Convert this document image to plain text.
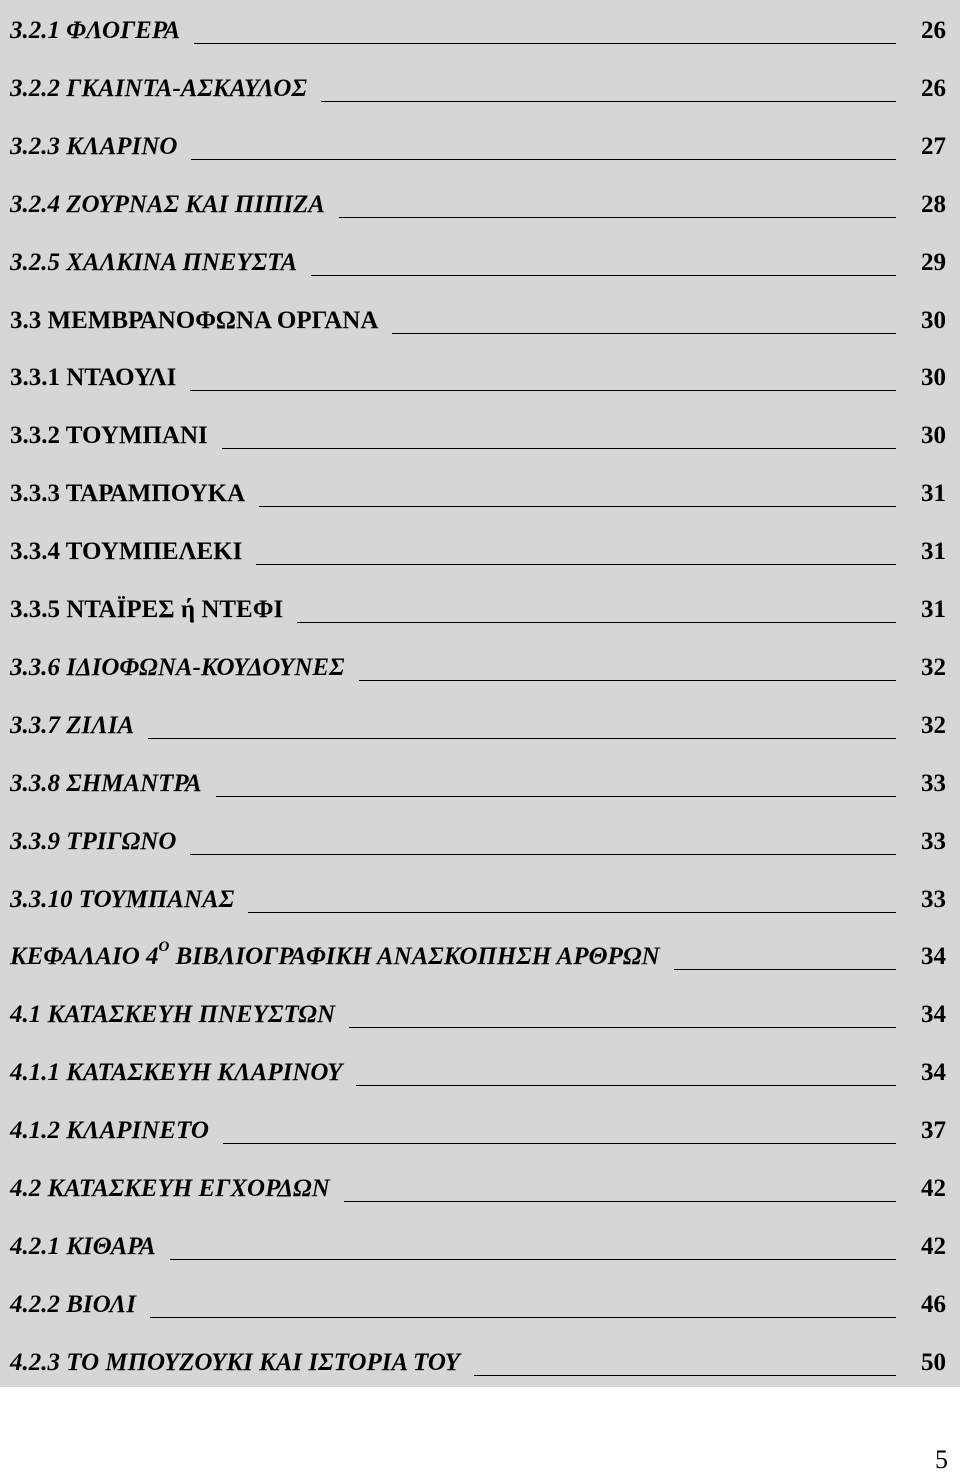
3.2.1 ΦΛΟΓΕΡΑ	26
3.2.2 ΓΚΑΙΝΤΑ-ΑΣΚΑΥΛΟΣ	26
3.2.3 ΚΛΑΡΙΝΟ	27
3.2.4 ΖΟΥΡΝΑΣ ΚΑΙ ΠΙΠΙΖΑ	28
3.2.5 ΧΑΛΚΙΝΑ ΠΝΕΥΣΤΑ	29
3.3 ΜΕΜΒΡΑΝΟΦΩΝΑ ΟΡΓΑΝΑ	30
3.3.1 ΝΤΑΟΥΛΙ	30
3.3.2 ΤΟΥΜΠΑΝΙ	30
3.3.3 ΤΑΡΑΜΠΟΥΚΑ	31
3.3.4 ΤΟΥΜΠΕΛΕΚΙ	31
3.3.5 ΝΤΑΪΡΕΣ ή ΝΤΕΦΙ	31
3.3.6 ΙΔΙΟΦΩΝΑ-ΚΟΥΔΟΥΝΕΣ	32
3.3.7 ΖΙΛΙΑ	32
3.3.8 ΣΗΜΑΝΤΡΑ	33
3.3.9 ΤΡΙΓΩΝΟ	33
3.3.10 ΤΟΥΜΠΑΝΑΣ	33
ΚΕΦΑΛΑΙΟ $4^O$ ΒΙΒΛΙΟΓΡΑΦΙΚΗ ΑΝΑΣΚΟΠΗΣΗ ΑΡΘΡΩΝ	34
4.1 ΚΑΤΑΣΚΕΥΗ ΠΝΕΥΣΤΩΝ	34
4.1.1 ΚΑΤΑΣΚΕΥΗ ΚΛΑΡΙΝΟΥ	34
4.1.2 ΚΛΑΡΙΝΕΤΟ	37
4.2 ΚΑΤΑΣΚΕΥΗ ΕΓΧΟΡΔΩΝ	42
4.2.1 ΚΙΘΑΡΑ	42
4.2.2 ΒΙΟΛΙ	46
4.2.3 ΤΟ ΜΠΟΥΖΟΥΚΙ ΚΑΙ ΙΣΤΟΡΙΑ ΤΟΥ	50
5
